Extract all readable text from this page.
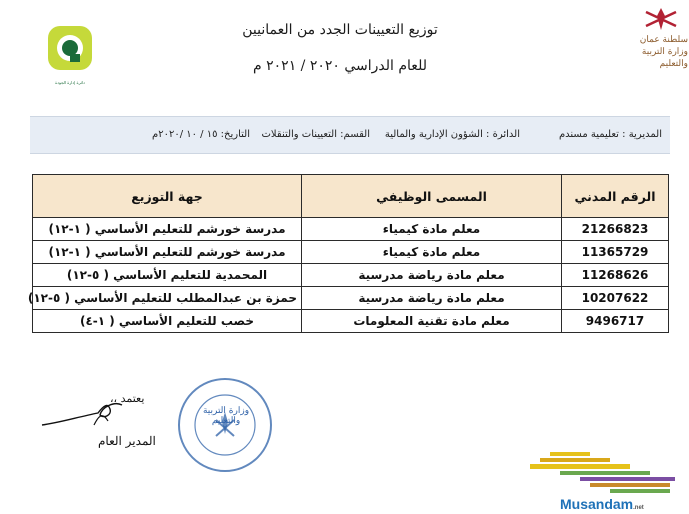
توزيع التعيينات الجدد من العمانيين
للعام الدراسي ٢٠٢٠ / ٢٠٢١ م
دائرة إدارة الجودة
سلطنة عمان
وزارة التربية والتعليم
المديرية : تعليمية مسندم
الدائرة : الشؤون الإدارية والمالية
القسم: التعيينات والتنقلات
التاريخ: ١٥ / ١٠ /٢٠٢٠م
الرقم المدني	المسمى الوظيفي	جهة التوزيع
21266823	معلم مادة كيمياء	مدرسة خورشم للتعليم الأساسي ( ١-١٢)
11365729	معلم مادة كيمياء	مدرسة خورشم للتعليم الأساسي ( ١-١٢)
11268626	معلم مادة رياضة مدرسية	المحمدية للتعليم الأساسي ( ٥-١٢)
10207622	معلم مادة رياضة مدرسية	حمزة بن عبدالمطلب للتعليم الأساسي ( ٥-١٢)
9496717	معلم مادة تقنية المعلومات	خصب للتعليم الأساسي ( ١-٤)
يعتمد ،،
المدير العام
وزارة التربية والتعليم
Musandam.net
